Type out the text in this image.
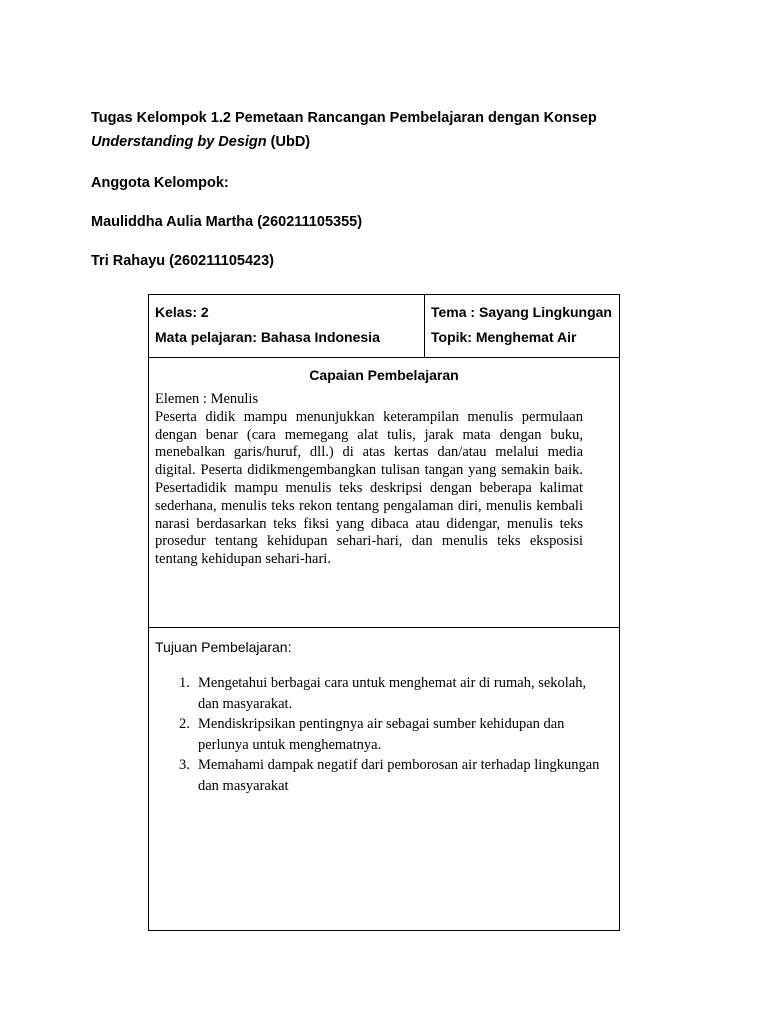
Tugas Kelompok 1.2 Pemetaan Rancangan Pembelajaran dengan Konsep Understanding by Design (UbD)

Anggota Kelompok:
Mauliddha Aulia Martha (260211105355)
Tri Rahayu (260211105423)
Kelas: 2
Mata pelajaran: Bahasa Indonesia
Tema : Sayang Lingkungan
Topik: Menghemat Air
Capaian Pembelajaran

Elemen : Menulis

Peserta didik mampu menunjukkan keterampilan menulis permulaan dengan benar (cara memegang alat tulis, jarak mata dengan buku, menebalkan garis/huruf, dll.) di atas kertas dan/atau melalui media digital. Peserta didikmengembangkan tulisan tangan yang semakin baik. Pesertadidik mampu menulis teks deskripsi dengan beberapa kalimat sederhana, menulis teks rekon tentang pengalaman diri, menulis kembali narasi berdasarkan teks fiksi yang dibaca atau didengar, menulis teks prosedur tentang kehidupan sehari-hari, dan menulis teks eksposisi tentang kehidupan sehari-hari.

Tujuan Pembelajaran:
1. Mengetahui berbagai cara untuk menghemat air di rumah, sekolah, dan masyarakat.
2. Mendiskripsikan pentingnya air sebagai sumber kehidupan dan perlunya untuk menghematnya.
3. Memahami dampak negatif dari pemborosan air terhadap lingkungan dan masyarakat
